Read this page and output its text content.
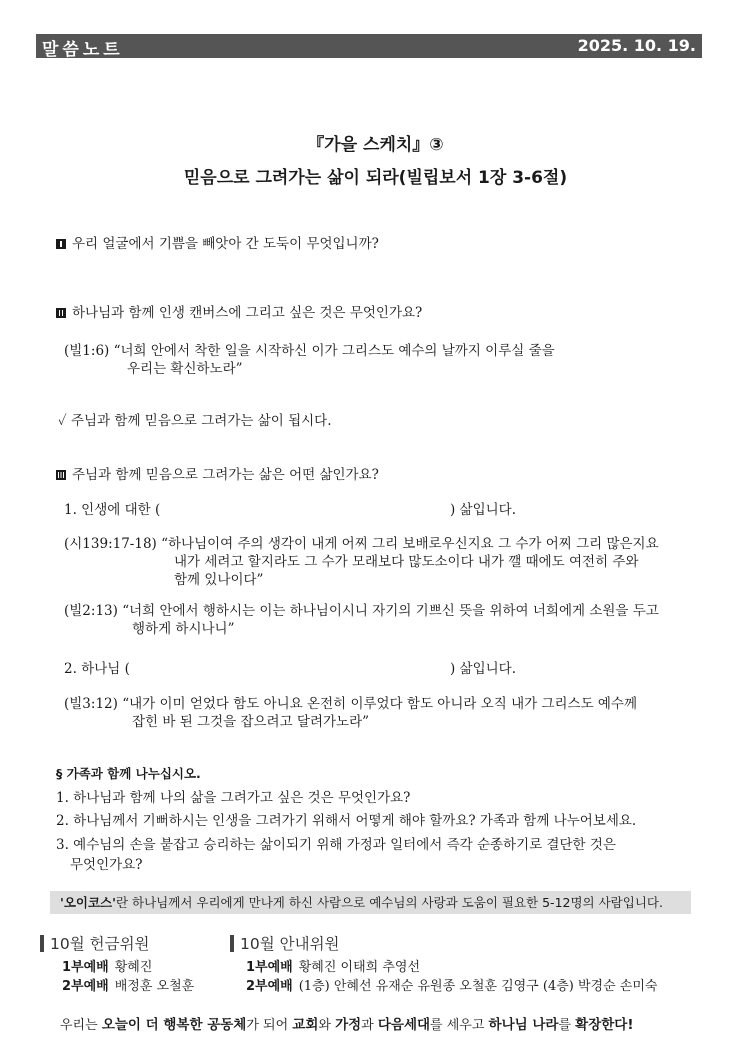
말씀노트	2025. 10. 19.
『가을 스케치』③
믿음으로 그려가는 삶이 되라(빌립보서 1장 3-6절)
우리 얼굴에서 기쁨을 빼앗아 간 도둑이 무엇입니까?
하나님과 함께 인생 캔버스에 그리고 싶은 것은 무엇인가요?
(빌1:6) “너희 안에서 착한 일을 시작하신 이가 그리스도 예수의 날까지 이루실 줄을
우리는 확신하노라”
✓ 주님과 함께 믿음으로 그려가는 삶이 됩시다.
주님과 함께 믿음으로 그려가는 삶은 어떤 삶인가요?
1. 인생에 대한 (	) 삶입니다.
(시139:17-18) “하나님이여 주의 생각이 내게 어찌 그리 보배로우신지요 그 수가 어찌 그리 많은지요
내가 세려고 할지라도 그 수가 모래보다 많도소이다 내가 깰 때에도 여전히 주와
함께 있나이다”
(빌2:13) “너희 안에서 행하시는 이는 하나님이시니 자기의 기쁘신 뜻을 위하여 너희에게 소원을 두고
행하게 하시나니”
2. 하나님 (	) 삶입니다.
(빌3:12) “내가 이미 얻었다 함도 아니요 온전히 이루었다 함도 아니라 오직 내가 그리스도 예수께
잡힌 바 된 그것을 잡으려고 달려가노라”
§ 가족과 함께 나누십시오.
1. 하나님과 함께 나의 삶을 그려가고 싶은 것은 무엇인가요?
2. 하나님께서 기뻐하시는 인생을 그려가기 위해서 어떻게 해야 할까요? 가족과 함께 나누어보세요.
3. 예수님의 손을 붙잡고 승리하는 삶이되기 위해 가정과 일터에서 즉각 순종하기로 결단한 것은
무엇인가요?
'오이코스'란 하나님께서 우리에게 만나게 하신 사람으로 예수님의 사랑과 도움이 필요한 5-12명의 사람입니다.
10월 헌금위원
1부예배 황혜진
2부예배 배정훈 오철훈
10월 안내위원
1부예배 황혜진 이태희 추영선
2부예배 (1층) 안혜선 유재순 유원종 오철훈 김영구 (4층) 박경순 손미숙
우리는 오늘이 더 행복한 공동체가 되어 교회와 가정과 다음세대를 세우고 하나님 나라를 확장한다!
